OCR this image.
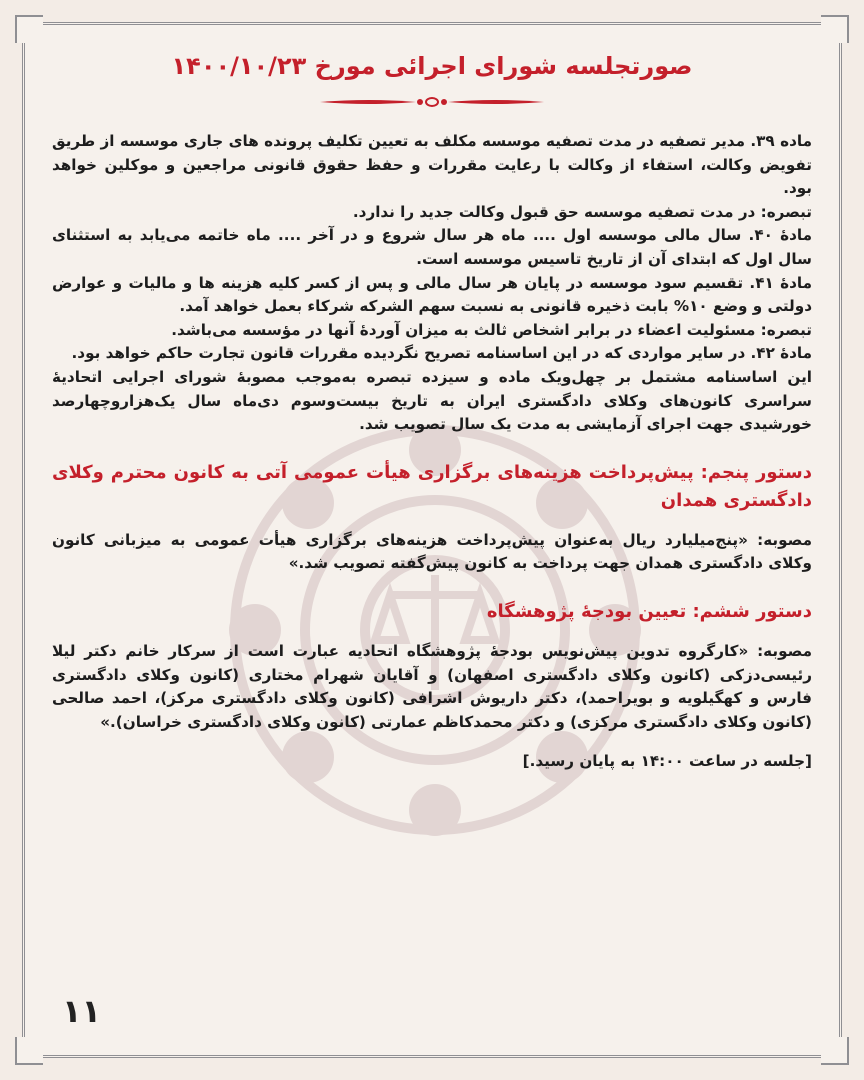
صورتجلسه شورای اجرائی مورخ ۱۴۰۰/۱۰/۲۳

ماده ۳۹. مدیر تصفیه در مدت تصفیه موسسه مکلف به تعیین تکلیف پرونده های جاری موسسه از طریق تفویض وکالت، استفاء از وکالت با رعایت مقررات و حفظ حقوق قانونی مراجعین و موکلین خواهد بود.

تبصره: در مدت تصفیه موسسه حق قبول وکالت جدید را ندارد.

مادهٔ ۴۰. سال مالی موسسه اول .... ماه هر سال شروع و در آخر .... ماه خاتمه می‌یابد به استثنای سال اول که ابتدای آن از تاریخ تاسیس موسسه است.

مادهٔ ۴۱. تقسیم سود موسسه در پایان هر سال مالی و پس از کسر کلیه هزینه ها و مالیات و عوارض دولتی و وضع ۱۰% بابت ذخیره قانونی به نسبت سهم الشرکه شرکاء بعمل خواهد آمد.

تبصره: مسئولیت اعضاء در برابر اشخاص ثالث به میزان آوردهٔ آنها در مؤسسه می‌باشد.

مادهٔ ۴۲. در سایر مواردی که در این اساسنامه تصریح نگردیده مقررات قانون تجارت حاکم خواهد بود.

این اساسنامه مشتمل بر چهل‌ویک ماده و سیزده تبصره به‌موجب مصوبهٔ شورای اجرایی اتحادیهٔ سراسری کانون‌های وکلای دادگستری ایران به تاریخ بیست‌وسوم دی‌ماه سال یک‌هزاروچهارصد خورشیدی جهت اجرای آزمایشی به مدت یک سال تصویب شد.

دستور پنجم: پیش‌پرداخت هزینه‌های برگزاری هیأت عمومی آتی به کانون محترم وکلای دادگستری همدان

مصوبه: «پنج‌میلیارد ریال به‌عنوان پیش‌پرداخت هزینه‌های برگزاری هیأت عمومی به میزبانی کانون وکلای دادگستری همدان جهت پرداخت به کانون پیش‌گفته تصویب شد.»

دستور ششم: تعیین بودجهٔ پژوهشگاه

مصوبه: «کارگروه تدوین پیش‌نویس بودجهٔ پژوهشگاه اتحادیه عبارت است از سرکار خانم دکتر لیلا رئیسی‌دزکی (کانون وکلای دادگستری اصفهان) و آقایان شهرام مختاری (کانون وکلای دادگستری فارس و کهگیلویه و بویراحمد)، دکتر داریوش اشرافی (کانون وکلای دادگستری مرکز)، احمد صالحی (کانون وکلای دادگستری مرکزی) و دکتر محمدکاظم عمارتی (کانون وکلای دادگستری خراسان).»

[جلسه در ساعت ۱۴:۰۰ به پایان رسید.]

۱۱
